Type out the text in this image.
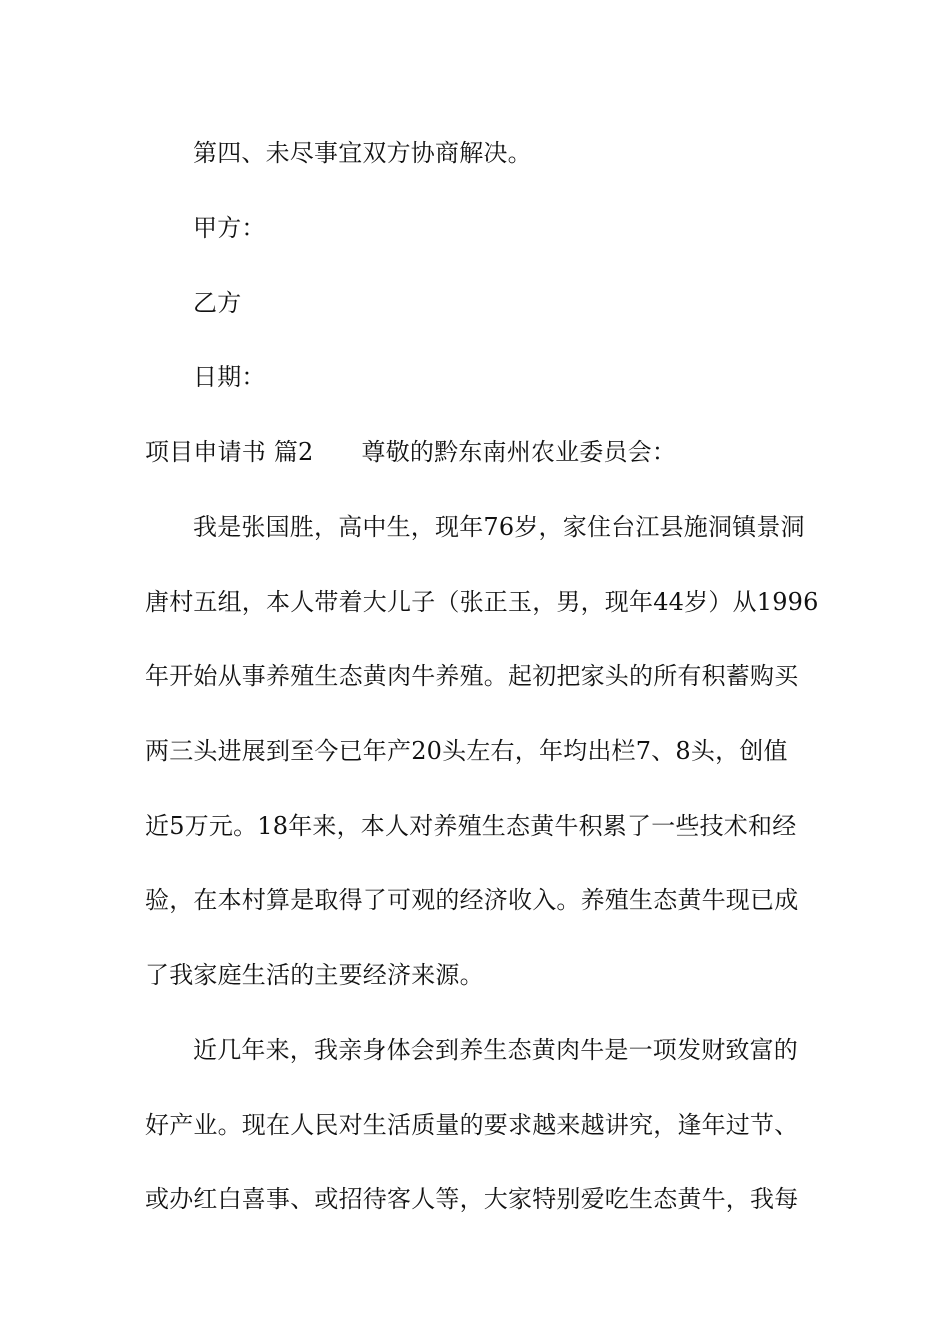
第四、未尽事宜双方协商解决。
甲方：
乙方
日期：
项目申请书 篇2 尊敬的黔东南州农业委员会：
我是张国胜，高中生，现年76岁，家住台江县施洞镇景洞
唐村五组，本人带着大儿子（张正玉，男，现年44岁）从1996
年开始从事养殖生态黄肉牛养殖。起初把家头的所有积蓄购买
两三头进展到至今已年产20头左右，年均出栏7、8头，创值
近5万元。18年来，本人对养殖生态黄牛积累了一些技术和经
验，在本村算是取得了可观的经济收入。养殖生态黄牛现已成
了我家庭生活的主要经济来源。
近几年来，我亲身体会到养生态黄肉牛是一项发财致富的
好产业。现在人民对生活质量的要求越来越讲究，逢年过节、
或办红白喜事、或招待客人等，大家特别爱吃生态黄牛，我每
